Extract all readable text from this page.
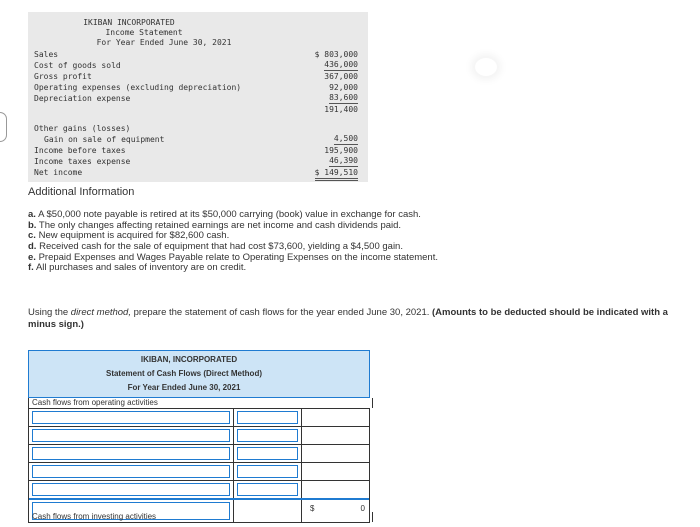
IKIBAN INCORPORATED
Income Statement
For Year Ended June 30, 2021
Sales	$ 803,000
Cost of goods sold	436,000
Gross profit	367,000
Operating expenses (excluding depreciation)	92,000
Depreciation expense	83,600
191,400
Other gains (losses)
Gain on sale of equipment	4,500
Income before taxes	195,900
Income taxes expense	46,390
Net income	$ 149,510
Additional Information
a. A $50,000 note payable is retired at its $50,000 carrying (book) value in exchange for cash.
b. The only changes affecting retained earnings are net income and cash dividends paid.
c. New equipment is acquired for $82,600 cash.
d. Received cash for the sale of equipment that had cost $73,600, yielding a $4,500 gain.
e. Prepaid Expenses and Wages Payable relate to Operating Expenses on the income statement.
f. All purchases and sales of inventory are on credit.
Using the direct method, prepare the statement of cash flows for the year ended June 30, 2021. (Amounts to be deducted should be indicated with a minus sign.)
IKIBAN, INCORPORATED
Statement of Cash Flows (Direct Method)
For Year Ended June 30, 2021
Cash flows from operating activities
$	0
Cash flows from investing activities
